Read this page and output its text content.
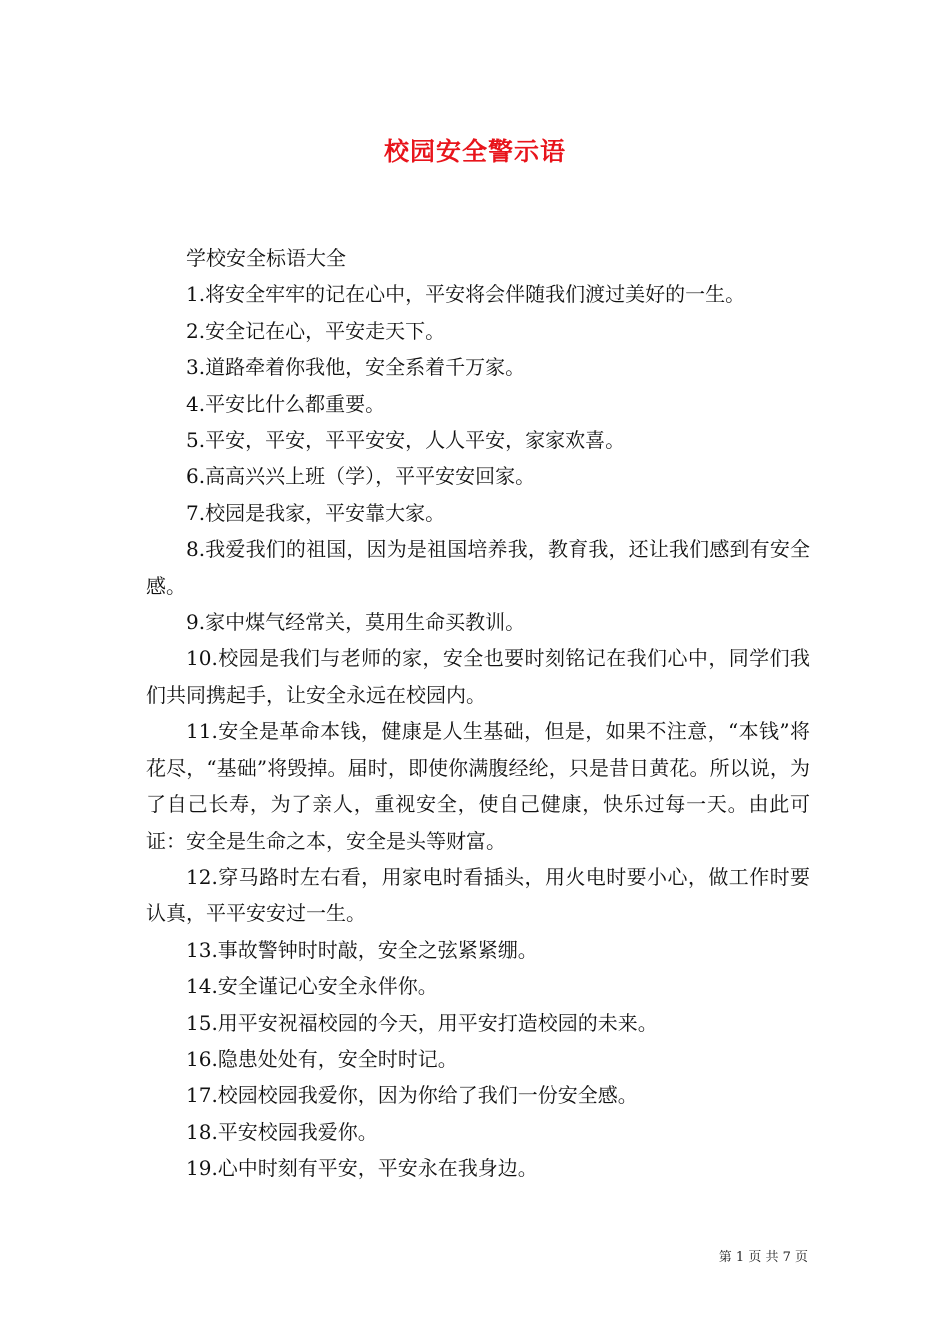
校园安全警示语

学校安全标语大全

1.将安全牢牢的记在心中，平安将会伴随我们渡过美好的一生。

2.安全记在心，平安走天下。

3.道路牵着你我他，安全系着千万家。

4.平安比什么都重要。

5.平安，平安，平平安安，人人平安，家家欢喜。

6.高高兴兴上班（学），平平安安回家。

7.校园是我家，平安靠大家。

8.我爱我们的祖国，因为是祖国培养我，教育我，还让我们感到有安全感。

9.家中煤气经常关，莫用生命买教训。

10.校园是我们与老师的家，安全也要时刻铭记在我们心中，同学们我们共同携起手，让安全永远在校园内。

11.安全是革命本钱，健康是人生基础，但是，如果不注意，“本钱”将花尽，“基础”将毁掉。届时，即使你满腹经纶，只是昔日黄花。所以说，为了自己长寿，为了亲人，重视安全，使自己健康，快乐过每一天。由此可证：安全是生命之本，安全是头等财富。

12.穿马路时左右看，用家电时看插头，用火电时要小心，做工作时要认真，平平安安过一生。

13.事故警钟时时敲，安全之弦紧紧绷。

14.安全谨记心安全永伴你。

15.用平安祝福校园的今天，用平安打造校园的未来。

16.隐患处处有，安全时时记。

17.校园校园我爱你，因为你给了我们一份安全感。

18.平安校园我爱你。

19.心中时刻有平安，平安永在我身边。

第 1 页 共 7 页
